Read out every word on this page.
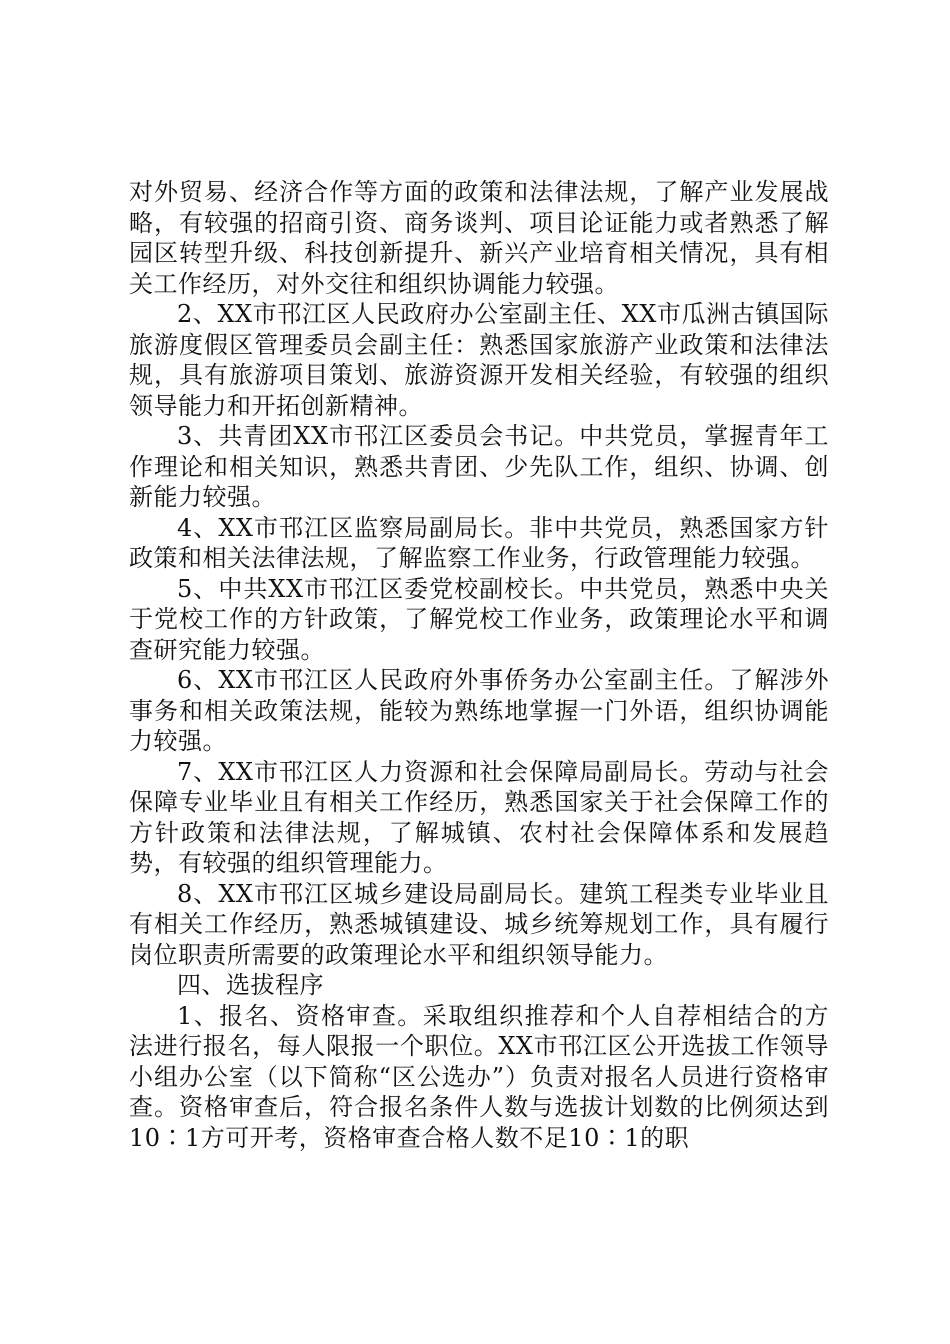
对外贸易、经济合作等方面的政策和法律法规，了解产业发展战略，有较强的招商引资、商务谈判、项目论证能力或者熟悉了解园区转型升级、科技创新提升、新兴产业培育相关情况，具有相关工作经历，对外交往和组织协调能力较强。

2、XX市邗江区人民政府办公室副主任、XX市瓜洲古镇国际旅游度假区管理委员会副主任：熟悉国家旅游产业政策和法律法规，具有旅游项目策划、旅游资源开发相关经验，有较强的组织领导能力和开拓创新精神。

3、共青团XX市邗江区委员会书记。中共党员，掌握青年工作理论和相关知识，熟悉共青团、少先队工作，组织、协调、创新能力较强。

4、XX市邗江区监察局副局长。非中共党员，熟悉国家方针政策和相关法律法规，了解监察工作业务，行政管理能力较强。

5、中共XX市邗江区委党校副校长。中共党员，熟悉中央关于党校工作的方针政策，了解党校工作业务，政策理论水平和调查研究能力较强。

6、XX市邗江区人民政府外事侨务办公室副主任。了解涉外事务和相关政策法规，能较为熟练地掌握一门外语，组织协调能力较强。

7、XX市邗江区人力资源和社会保障局副局长。劳动与社会保障专业毕业且有相关工作经历，熟悉国家关于社会保障工作的方针政策和法律法规，了解城镇、农村社会保障体系和发展趋势，有较强的组织管理能力。

8、XX市邗江区城乡建设局副局长。建筑工程类专业毕业且有相关工作经历，熟悉城镇建设、城乡统筹规划工作，具有履行岗位职责所需要的政策理论水平和组织领导能力。

四、选拔程序

1、报名、资格审查。采取组织推荐和个人自荐相结合的方法进行报名，每人限报一个职位。XX市邗江区公开选拔工作领导小组办公室（以下简称“区公选办”）负责对报名人员进行资格审查。资格审查后，符合报名条件人数与选拔计划数的比例须达到10∶1方可开考，资格审查合格人数不足10∶1的职
